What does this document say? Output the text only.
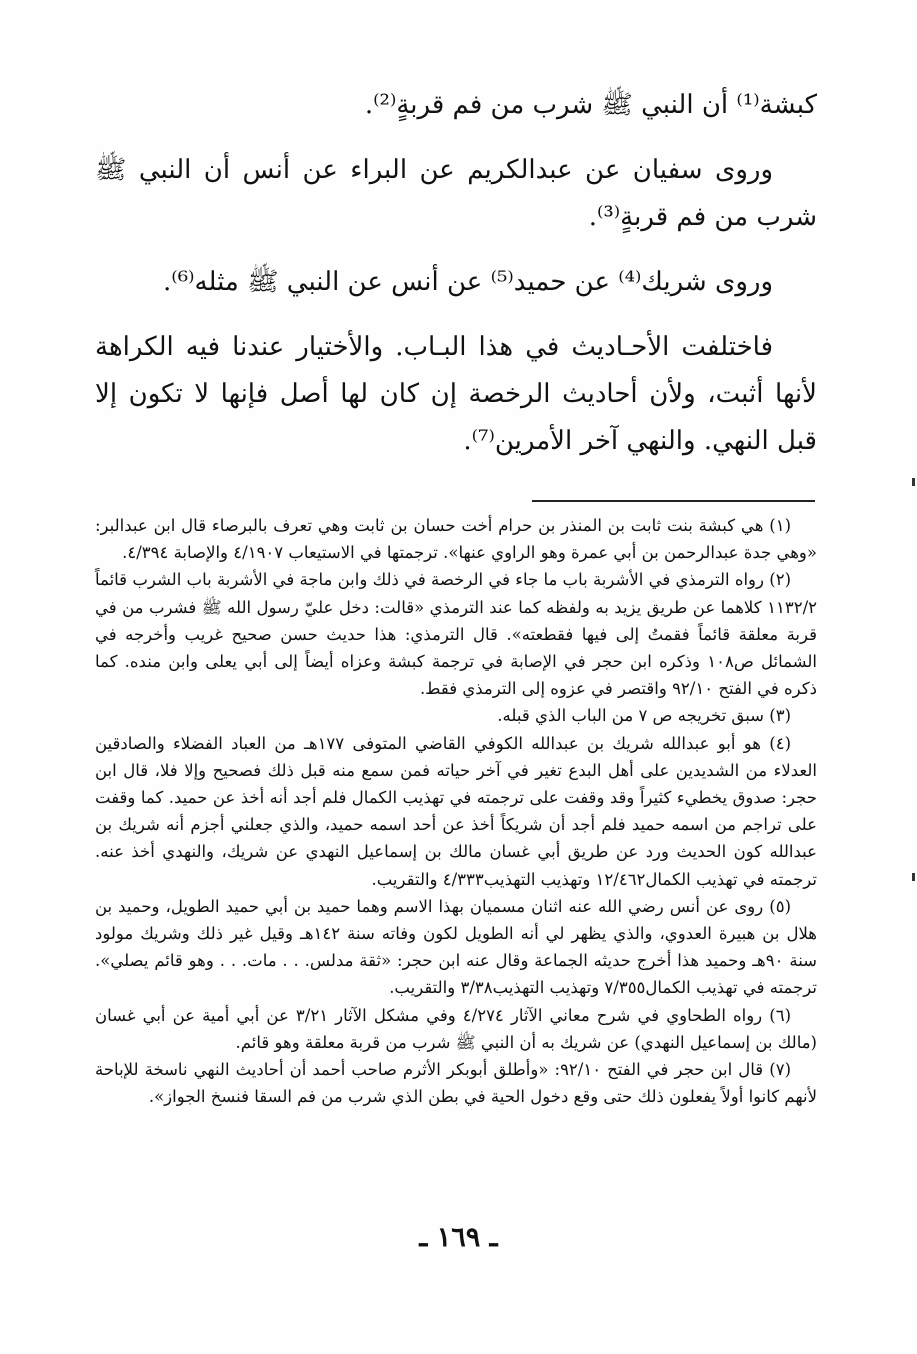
كبشة⁽¹⁾ أن النبي ﷺ شرب من فم قربةٍ⁽²⁾.

وروى سفيان عن عبدالكريم عن البراء عن أنس أن النبي ﷺ شرب من فم قربةٍ⁽³⁾.

وروى شريك⁽⁴⁾ عن حميد⁽⁵⁾ عن أنس عن النبي ﷺ مثله⁽⁶⁾.

فاختلفت الأحـاديث في هذا البـاب. والأختيار عندنا فيه الكراهة لأنها أثبت، ولأن أحاديث الرخصة إن كان لها أصل فإنها لا تكون إلا قبل النهي. والنهي آخر الأمرين⁽⁷⁾.

(١) هي كبشة بنت ثابت بن المنذر بن حرام أخت حسان بن ثابت وهي تعرف بالبرصاء قال ابن عبدالبر: «وهي جدة عبدالرحمن بن أبي عمرة وهو الراوي عنها». ترجمتها في الاستيعاب ٤/١٩٠٧ والإصابة ٤/٣٩٤.

(٢) رواه الترمذي في الأشربة باب ما جاء في الرخصة في ذلك وابن ماجة في الأشربة باب الشرب قائماً ١١٣٢/٢ كلاهما عن طريق يزيد به ولفظه كما عند الترمذي «قالت: دخل عليّ رسول الله ﷺ فشرب من في قربة معلقة قائماً فقمتُ إلى فيها فقطعته». قال الترمذي: هذا حديث حسن صحيح غريب وأخرجه في الشمائل ص١٠٨ وذكره ابن حجر في الإصابة في ترجمة كبشة وعزاه أيضاً إلى أبي يعلى وابن منده. كما ذكره في الفتح ٩٢/١٠ واقتصر في عزوه إلى الترمذي فقط.

(٣) سبق تخريجه ص ٧ من الباب الذي قبله.

(٤) هو أبو عبدالله شريك بن عبدالله الكوفي القاضي المتوفى ١٧٧هـ من العباد الفضلاء والصادقين العدلاء من الشديدين على أهل البدع تغير في آخر حياته فمن سمع منه قبل ذلك فصحيح وإلا فلا، قال ابن حجر: صدوق يخطيء كثيراً وقد وقفت على ترجمته في تهذيب الكمال فلم أجد أنه أخذ عن حميد. كما وقفت على تراجم من اسمه حميد فلم أجد أن شريكاً أخذ عن أحد اسمه حميد، والذي جعلني أجزم أنه شريك بن عبدالله كون الحديث ورد عن طريق أبي غسان مالك بن إسماعيل النهدي عن شريك، والنهدي أخذ عنه. ترجمته في تهذيب الكمال١٢/٤٦٢ وتهذيب التهذيب٤/٣٣٣ والتقريب.

(٥) روى عن أنس رضي الله عنه اثنان مسميان بهذا الاسم وهما حميد بن أبي حميد الطويل، وحميد بن هلال بن هبيرة العدوي، والذي يظهر لي أنه الطويل لكون وفاته سنة ١٤٢هـ وقيل غير ذلك وشريك مولود سنة ٩٠هـ وحميد هذا أخرج حديثه الجماعة وقال عنه ابن حجر: «ثقة مدلس. . . مات. . . وهو قائم يصلي». ترجمته في تهذيب الكمال٧/٣٥٥ وتهذيب التهذيب٣/٣٨ والتقريب.

(٦) رواه الطحاوي في شرح معاني الآثار ٤/٢٧٤ وفي مشكل الآثار ٣/٢١ عن أبي أمية عن أبي غسان (مالك بن إسماعيل النهدي) عن شريك به أن النبي ﷺ شرب من قربة معلقة وهو قائم.

(٧) قال ابن حجر في الفتح ٩٢/١٠: «وأطلق أبوبكر الأثرم صاحب أحمد أن أحاديث النهي ناسخة للإباحة لأنهم كانوا أولاً يفعلون ذلك حتى وقع دخول الحية في بطن الذي شرب من فم السقا فنسخ الجواز».

ـ ١٦٩ ـ
